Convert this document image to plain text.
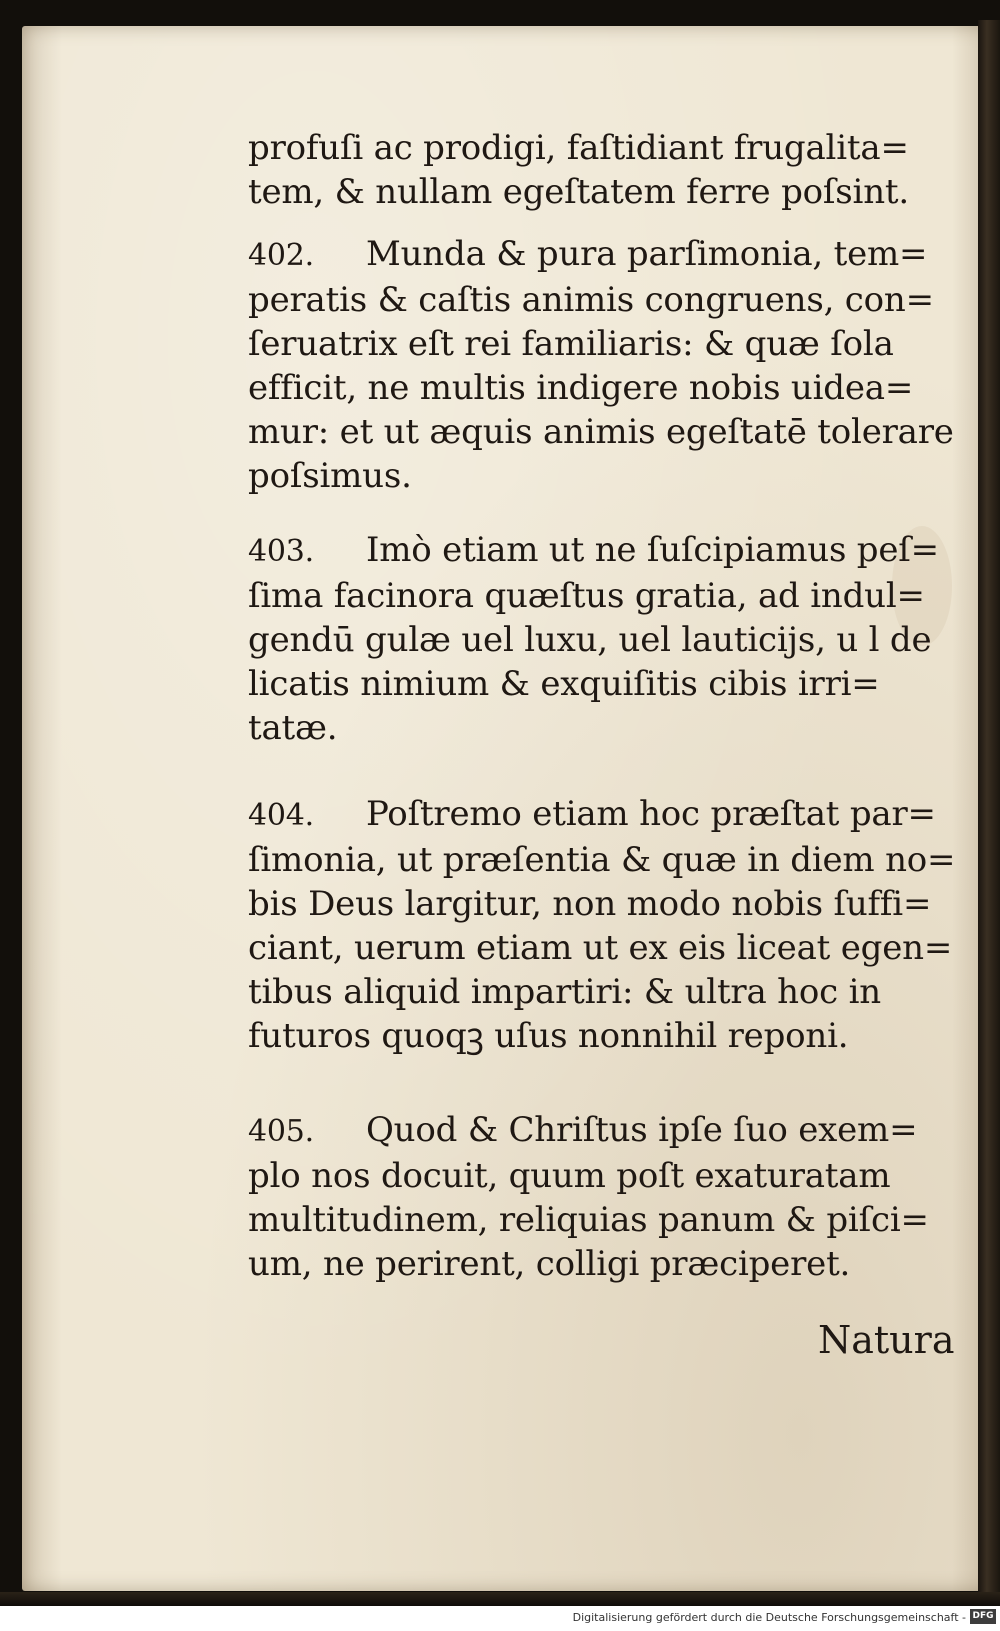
profuſi ac prodigi, faſtidiant frugalita=
tem, & nullam egeſtatem ferre poſsint.
402. Munda & pura parſimonia, tem=
peratis & caſtis animis congruens, con=
ſeruatrix eſt rei familiaris: & quæ ſola
efficit, ne multis indigere nobis uidea=
mur: et ut æquis animis egeſtatē tolerare
poſsimus.
403. Imò etiam ut ne ſuſcipiamus peſ=
ſima facinora quæſtus gratia, ad indul=
gendū gulæ uel luxu, uel lauticijs, u l de
licatis nimium & exquiſitis cibis irri=
tatæ.
404. Poſtremo etiam hoc præſtat par=
ſimonia, ut præſentia & quæ in diem no=
bis Deus largitur, non modo nobis ſuffi=
ciant, uerum etiam ut ex eis liceat egen=
tibus aliquid impartiri: & ultra hoc in
futuros quoqꝫ uſus nonnihil reponi.
405. Quod & Chriſtus ipſe ſuo exem=
plo nos docuit, quum poſt exaturatam
multitudinem, reliquias panum & piſci=
um, ne perirent, colligi præciperet.
Natura
Digitalisierung gefördert durch die Deutsche Forschungsgemeinschaft - DFG
